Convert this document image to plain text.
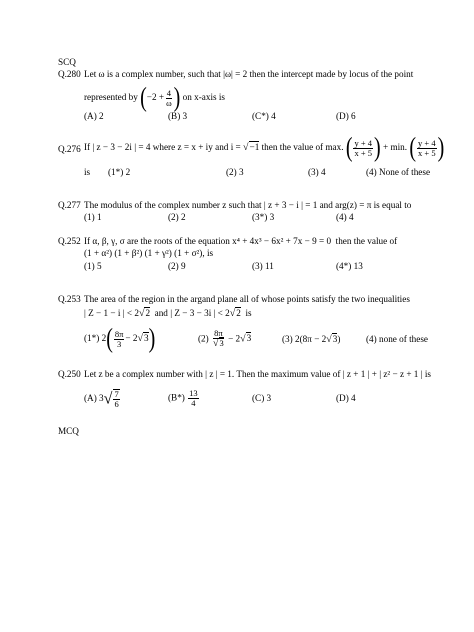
SCQ
Q.280 Let ω is a complex number, such that |ω| = 2 then the intercept made by locus of the point
represented by ($-2 + \frac{4}{\omega}$ ) on x-axis is
(A) 2	(B) 3	(C*) 4	(D) 6
Q.276 If | z − 3 − 2i | = 4 where z = x + iy and i = √−1 then the value of max. ( $\frac{y + 4}{x + 5}$ ) + min. ( $\frac{y + 4}{x + 5}$ )
is (1*) 2	(2) 3	(3) 4	(4) None of these
Q.277 The modulus of the complex number z such that | z + 3 − i | = 1 and arg(z) = π is equal to
(1) 1	(2) 2	(3*) 3	(4) 4
Q.252 If α, β, γ, σ are the roots of the equation x⁴ + 4x³ − 6x² + 7x − 9 = 0 then the value of
(1 + α²) (1 + β²) (1 + γ²) (1 + σ²), is
(1) 5	(2) 9	(3) 11	(4*) 13
Q.253 The area of the region in the argand plane all of whose points satisfy the two inequalities
| Z − 1 − i | < 2√2 and | Z − 3 − 3i | < 2√2 is
(1*) $2( \frac{8\pi}{3} - 2√3)$	$(2) \frac{8\pi}{√3} - 2√3$	(3) 2(8π − 2√3)	(4) none of these
Q.250 Let z be a complex number with | z | = 1. Then the maximum value of | z + 1 | + | z² − z + 1 | is
(A) $3√ \frac{7}{6}$	$(B*) \frac{13}{4}$	(C) 3	(D) 4
MCQ
